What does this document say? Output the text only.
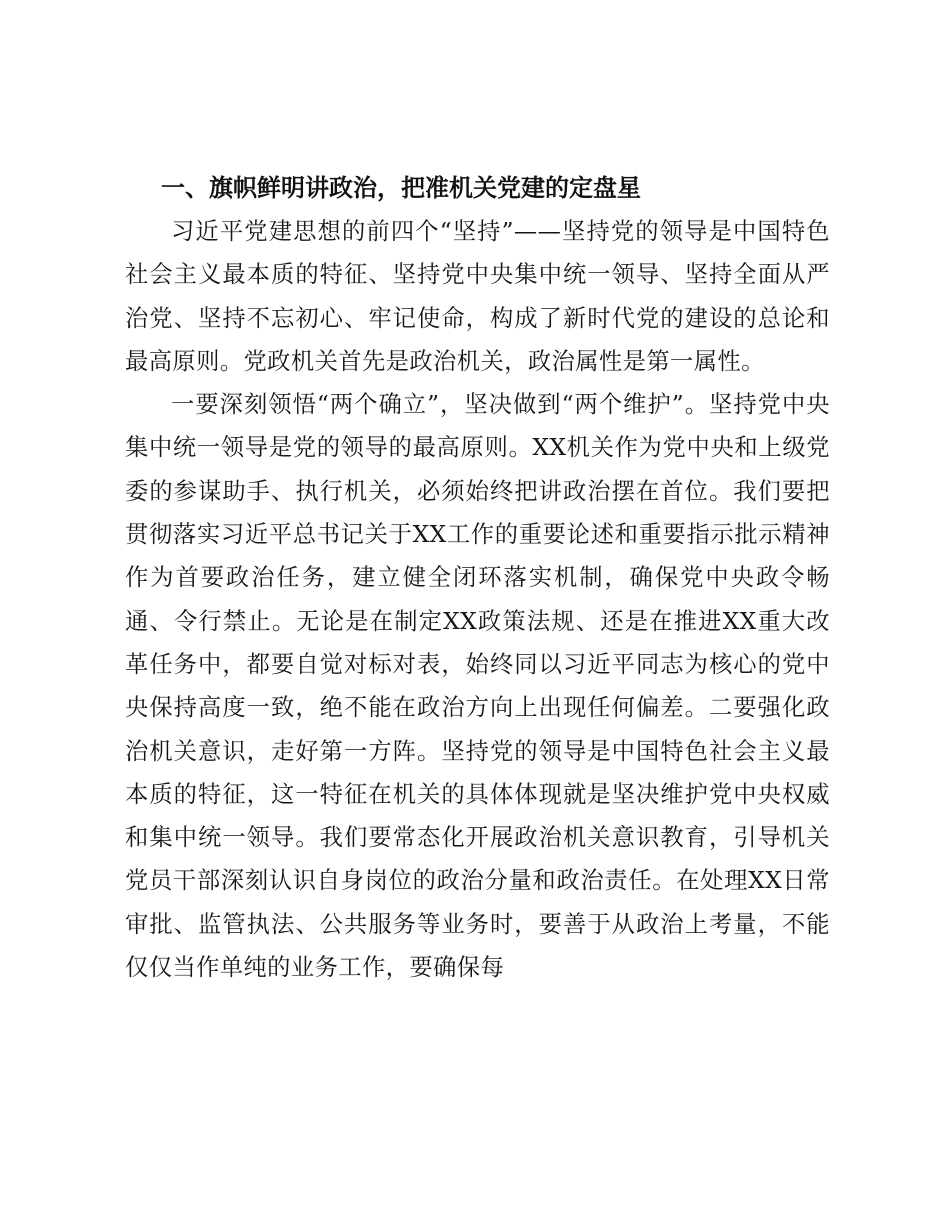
一、旗帜鲜明讲政治，把准机关党建的定盘星

习近平党建思想的前四个“坚持”——坚持党的领导是中国特色社会主义最本质的特征、坚持党中央集中统一领导、坚持全面从严治党、坚持不忘初心、牢记使命，构成了新时代党的建设的总论和最高原则。党政机关首先是政治机关，政治属性是第一属性。

一要深刻领悟“两个确立”，坚决做到“两个维护”。坚持党中央集中统一领导是党的领导的最高原则。XX机关作为党中央和上级党委的参谋助手、执行机关，必须始终把讲政治摆在首位。我们要把贯彻落实习近平总书记关于XX工作的重要论述和重要指示批示精神作为首要政治任务，建立健全闭环落实机制，确保党中央政令畅通、令行禁止。无论是在制定XX政策法规、还是在推进XX重大改革任务中，都要自觉对标对表，始终同以习近平同志为核心的党中央保持高度一致，绝不能在政治方向上出现任何偏差。二要强化政治机关意识，走好第一方阵。坚持党的领导是中国特色社会主义最本质的特征，这一特征在机关的具体体现就是坚决维护党中央权威和集中统一领导。我们要常态化开展政治机关意识教育，引导机关党员干部深刻认识自身岗位的政治分量和政治责任。在处理XX日常审批、监管执法、公共服务等业务时，要善于从政治上考量，不能仅仅当作单纯的业务工作，要确保每
